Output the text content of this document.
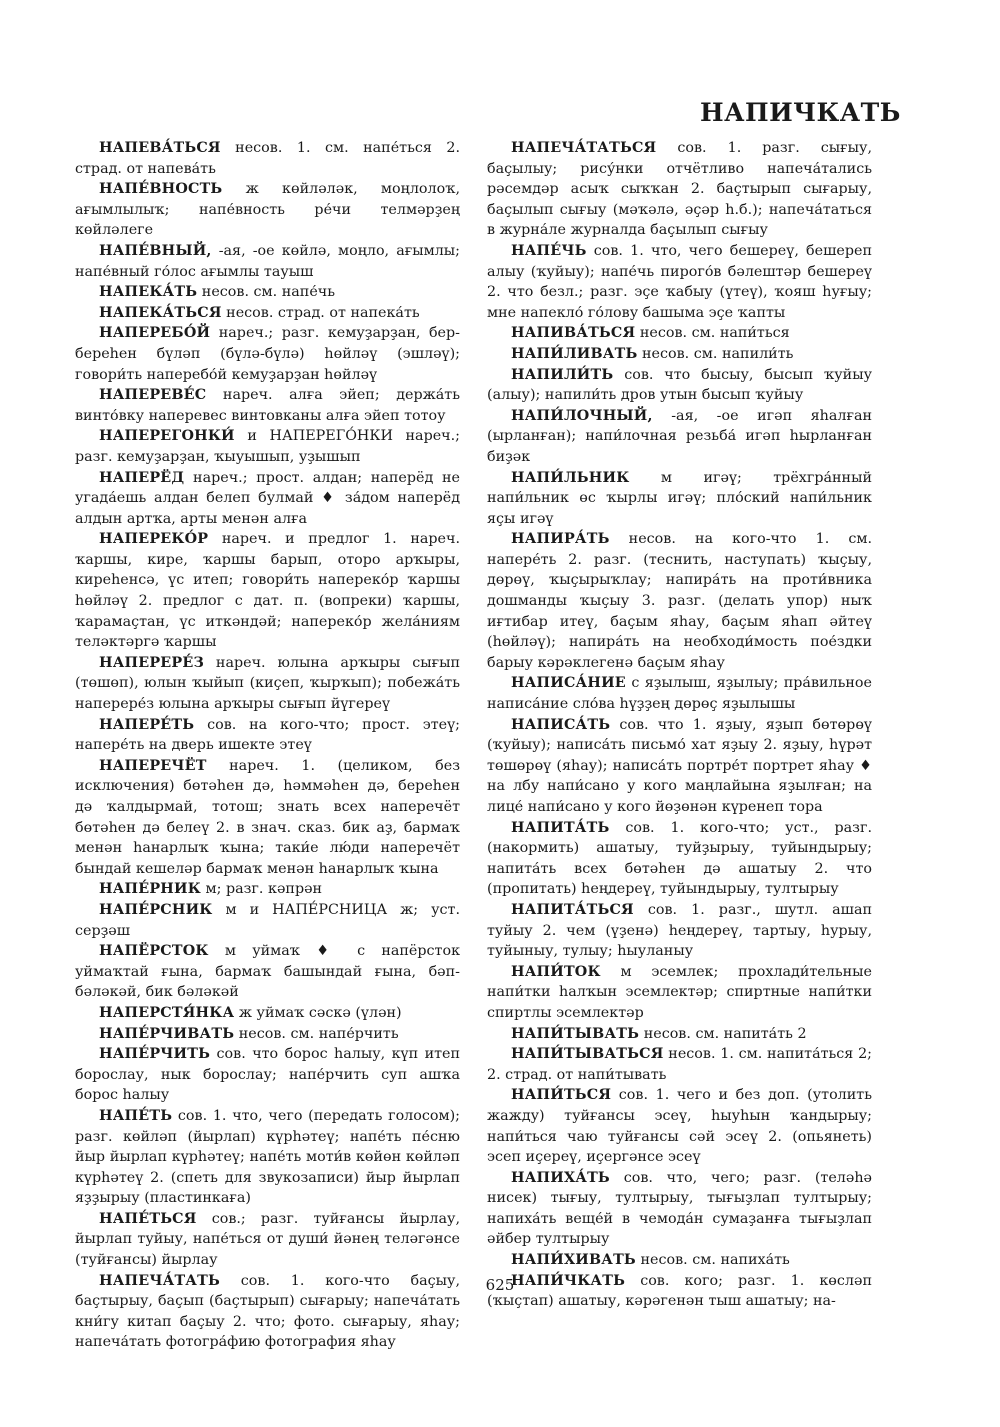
НАПИЧКАТЬ

НАПЕВА́ТЬСЯ несов. 1. см. напе́ться 2. страд. от напева́ть

НАПЕ́ВНОСТЬ ж көйләләк, моңлолоҡ, ағымлылыҡ; напе́вность ре́чи телмәрҙең көйләлеге

НАПЕ́ВНЫЙ, -ая, -ое көйлә, моңло, ағымлы; напе́вный го́лос ағымлы тауыш

НАПЕКА́ТЬ несов. см. напе́чь

НАПЕКА́ТЬСЯ несов. страд. от напека́ть

НАПЕРЕБО́Й нареч.; разг. кемуҙарҙан, бер-береһен бүләп (бүлә-бүлә) һөйләү (эшләү); говори́ть наперебо́й кемуҙарҙан һөйләү

НАПЕРЕВЕ́С нареч. алға эйеп; держа́ть винто́вку наперевес винтовканы алға эйеп тотоу

НАПЕРЕГОНКИ́ и НАПЕРЕГО́НКИ нареч.; разг. кемуҙарҙан, ҡыуышып, уҙышып

НАПЕРЁД нареч.; прост. алдан; наперёд не угада́ешь алдан белеп булмай ♦ за́дом наперёд алдын артҡа, арты менән алға

НАПЕРЕКО́Р нареч. и предлог 1. нареч. ҡаршы, кире, ҡаршы барып, оторо арҡыры, киреһенсә, үс итеп; говори́ть напереко́р ҡаршы һөйләү 2. предлог с дат. п. (вопреки) ҡаршы, ҡарамаҫтан, үс иткәндәй; напереко́р жела́ниям теләктәргә ҡаршы

НАПЕРЕРЕ́З нареч. юлына арҡыры сығып (төшөп), юлын ҡыйып (киҫеп, ҡырҡып); побежа́ть наперере́з юлына арҡыры сығып йүгереү

НАПЕРЕ́ТЬ сов. на кого-что; прост. этеү; напере́ть на дверь ишекте этеү

НАПЕРЕЧЁТ нареч. 1. (целиком, без исключения) бөтәһен дә, һәммәһен дә, береһен дә ҡалдырмай, тотош; знать всех наперечёт бөтәһен дә белеү 2. в знач. сказ. бик аҙ, бармаҡ менән һанарлыҡ ҡына; таки́е лю́ди наперечёт бындай кешеләр бармаҡ менән һанарлыҡ ҡына

НАПЕ́РНИК м; разг. кәпрән

НАПЕ́РСНИК м и НАПЕ́РСНИЦА ж; уст. серҙәш

НАПЁРСТОК м уймаҡ ♦ с напёрсток уймаҡтай ғына, бармаҡ башындай ғына, бәп-бәләкәй, бик бәләкәй

НАПЕРСТЯ́НКА ж уймаҡ сәскә (үлән)

НАПЕ́РЧИВАТЬ несов. см. напе́рчить

НАПЕ́РЧИТЬ сов. что борос һалыу, күп итеп борослау, нык борослау; напе́рчить суп ашҡа борос һалыу

НАПЕ́ТЬ сов. 1. что, чего (передать голосом); разг. көйләп (йырлап) күрһәтеү; напе́ть пе́сню йыр йырлап күрһәтеү; напе́ть моти́в көйөн көйләп күрһәтеү 2. (спеть для звукозаписи) йыр йырлап яҙҙырыу (пластинкаға)

НАПЕ́ТЬСЯ сов.; разг. туйғансы йырлау, йырлап туйыу, напе́ться от души́ йәнең теләгәнсе (туйғансы) йырлау

НАПЕЧА́ТАТЬ сов. 1. кого-что баҫыу, баҫтырыу, баҫып (баҫтырып) сығарыу; напеча́тать кни́гу китап баҫыу 2. что; фото. сығарыу, яһау; напеча́тать фотогра́фию фотография яһау

НАПЕЧА́ТАТЬСЯ сов. 1. разг. сығыу, баҫылыу; рису́нки отчётливо напеча́тались рәсемдәр асыҡ сыҡҡан 2. баҫтырып сығарыу, баҫылып сығыу (мәҡәлә, әҫәр һ.б.); напеча́таться в журна́ле журналда баҫылып сығыу

НАПЕ́ЧЬ сов. 1. что, чего бешереү, бешереп алыу (ҡуйыу); напе́чь пирого́в бәлештәр бешереү 2. что безл.; разг. эҫе ҡабыу (үтеү), ҡояш һуғыу; мне напекло́ го́лову башыма эҫе ҡапты

НАПИВА́ТЬСЯ несов. см. напи́ться

НАПИ́ЛИВАТЬ несов. см. напили́ть

НАПИЛИ́ТЬ сов. что бысыу, бысып ҡуйыу (алыу); напили́ть дров утын бысып ҡуйыу

НАПИ́ЛОЧНЫЙ, -ая, -ое игәп яһалған (ырланған); напи́лочная резьба́ игәп һырланған биҙәк

НАПИ́ЛЬНИК м игәү; трёхгра́нный напи́льник өс ҡырлы игәү; пло́ский напи́льник яҫы игәү

НАПИРА́ТЬ несов. на кого-что 1. см. напере́ть 2. разг. (теснить, наступать) ҡыҫыу, дөрөү, ҡыҫырыҡлау; напира́ть на проти́вника дошманды ҡыҫыу 3. разг. (делать упор) ныҡ иғтибар итеү, баҫым яһау, баҫым яһап әйтеү (һөйләү); напира́ть на необходи́мость пое́здки барыу кәрәклегенә баҫым яһау

НАПИСА́НИЕ с яҙылыш, яҙылыу; пра́вильное написа́ние сло́ва һүҙҙең дөрөҫ яҙылышы

НАПИСА́ТЬ сов. что 1. яҙыу, яҙып бөтөрөү (ҡуйыу); написа́ть письмо́ хат яҙыу 2. яҙыу, һүрәт төшөрөү (яһау); написа́ть портре́т портрет яһау ♦ на лбу напи́сано у кого маңлайына яҙылған; на лице́ напи́сано у кого йөҙөнән күренеп тора

НАПИТА́ТЬ сов. 1. кого-что; уст., разг. (накормить) ашатыу, туйҙырыу, туйындырыу; напита́ть всех бөтәһен дә ашатыу 2. что (пропитать) һеңдереү, туйындырыу, тултырыу

НАПИТА́ТЬСЯ сов. 1. разг., шутл. ашап туйыу 2. чем (үҙенә) һеңдереү, тартыу, һурыу, туйыныу, тулыу; һыуланыу

НАПИ́ТОК м эсемлек; прохлади́тельные напи́тки һалҡын эсемлектәр; спиртные напи́тки спиртлы эсемлектәр

НАПИ́ТЫВАТЬ несов. см. напита́ть 2

НАПИ́ТЫВАТЬСЯ несов. 1. см. напита́ться 2; 2. страд. от напи́тывать

НАПИ́ТЬСЯ сов. 1. чего и без доп. (утолить жажду) туйғансы эсеү, һыуһын ҡандырыу; напи́ться чаю туйғансы сәй эсеү 2. (опьянеть) эсеп иҫереү, иҫергәнсе эсеү

НАПИХА́ТЬ сов. что, чего; разг. (теләһә нисек) тығыу, тултырыу, тығыҙлап тултырыу; напиха́ть веще́й в чемода́н сумаҙанға тығыҙлап әйбер тултырыу

НАПИ́ХИВАТЬ несов. см. напиха́ть

НАПИ́ЧКАТЬ сов. кого; разг. 1. көсләп (ҡыҫтап) ашатыу, кәрәгенән тыш ашатыу; на-

625
